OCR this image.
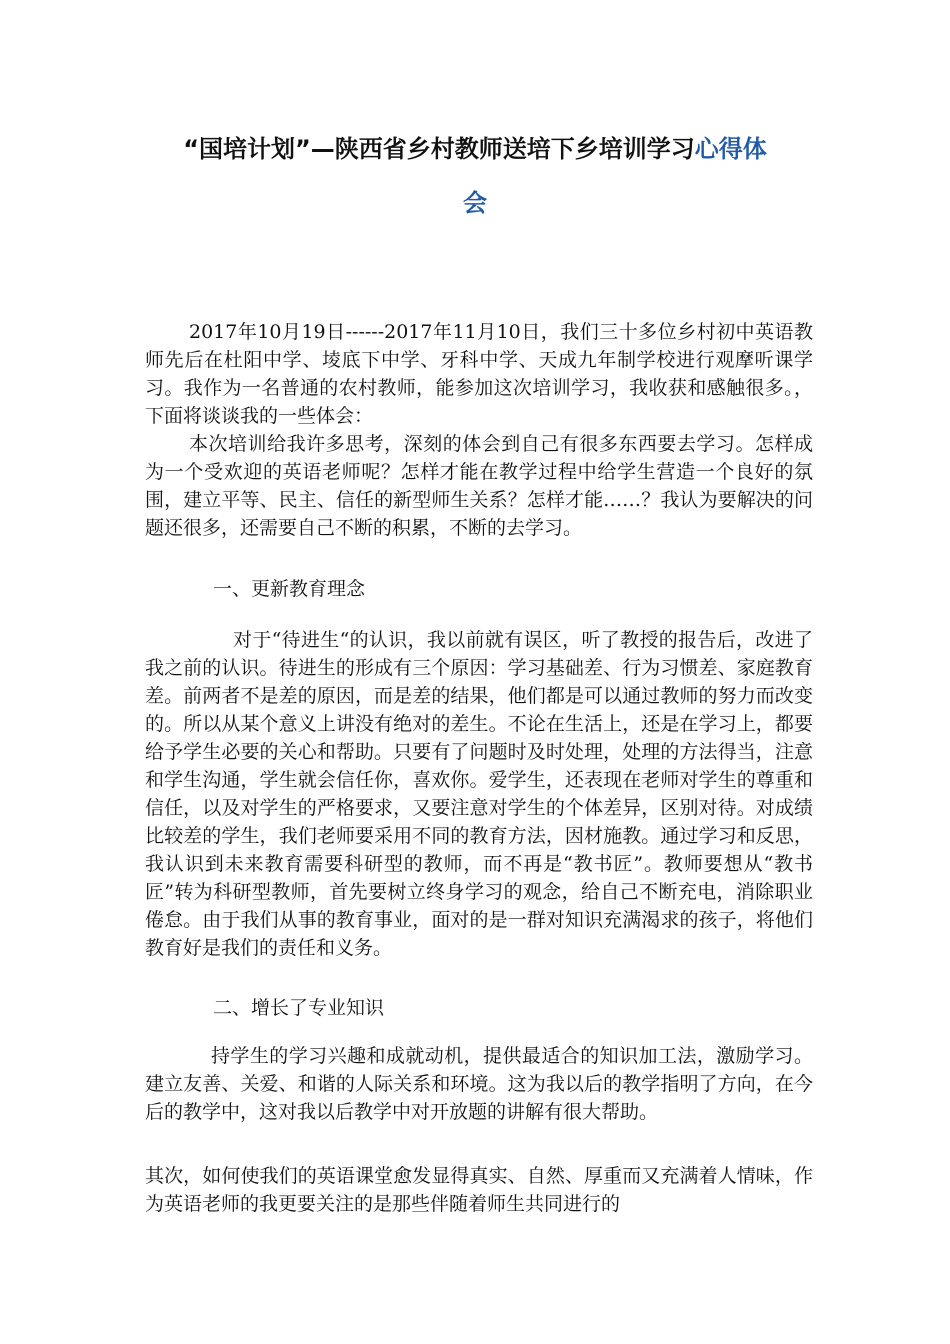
“国培计划”—陕西省乡村教师送培下乡培训学习心得体
会

2017年10月19日------2017年11月10日，我们三十多位乡村初中英语教师先后在杜阳中学、堎底下中学、牙科中学、天成九年制学校进行观摩听课学习。我作为一名普通的农村教师，能参加这次培训学习，我收获和感触很多。，下面将谈谈我的一些体会：

本次培训给我许多思考，深刻的体会到自己有很多东西要去学习。怎样成为一个受欢迎的英语老师呢？怎样才能在教学过程中给学生营造一个良好的氛围，建立平等、民主、信任的新型师生关系？怎样才能……？我认为要解决的问题还很多，还需要自己不断的积累，不断的去学习。

一、更新教育理念

对于“待进生“的认识，我以前就有误区，听了教授的报告后，改进了我之前的认识。待进生的形成有三个原因：学习基础差、行为习惯差、家庭教育差。前两者不是差的原因，而是差的结果，他们都是可以通过教师的努力而改变的。所以从某个意义上讲没有绝对的差生。不论在生活上，还是在学习上，都要给予学生必要的关心和帮助。只要有了问题时及时处理，处理的方法得当，注意和学生沟通，学生就会信任你，喜欢你。爱学生，还表现在老师对学生的尊重和信任，以及对学生的严格要求，又要注意对学生的个体差异，区别对待。对成绩比较差的学生，我们老师要采用不同的教育方法，因材施教。通过学习和反思，我认识到未来教育需要科研型的教师，而不再是“教书匠”。教师要想从“教书匠”转为科研型教师，首先要树立终身学习的观念，给自己不断充电，消除职业倦怠。由于我们从事的教育事业，面对的是一群对知识充满渴求的孩子，将他们教育好是我们的责任和义务。

二、增长了专业知识

持学生的学习兴趣和成就动机，提供最适合的知识加工法，激励学习。建立友善、关爱、和谐的人际关系和环境。这为我以后的教学指明了方向，在今后的教学中，这对我以后教学中对开放题的讲解有很大帮助。

其次，如何使我们的英语课堂愈发显得真实、自然、厚重而又充满着人情味，作为英语老师的我更要关注的是那些伴随着师生共同进行的
